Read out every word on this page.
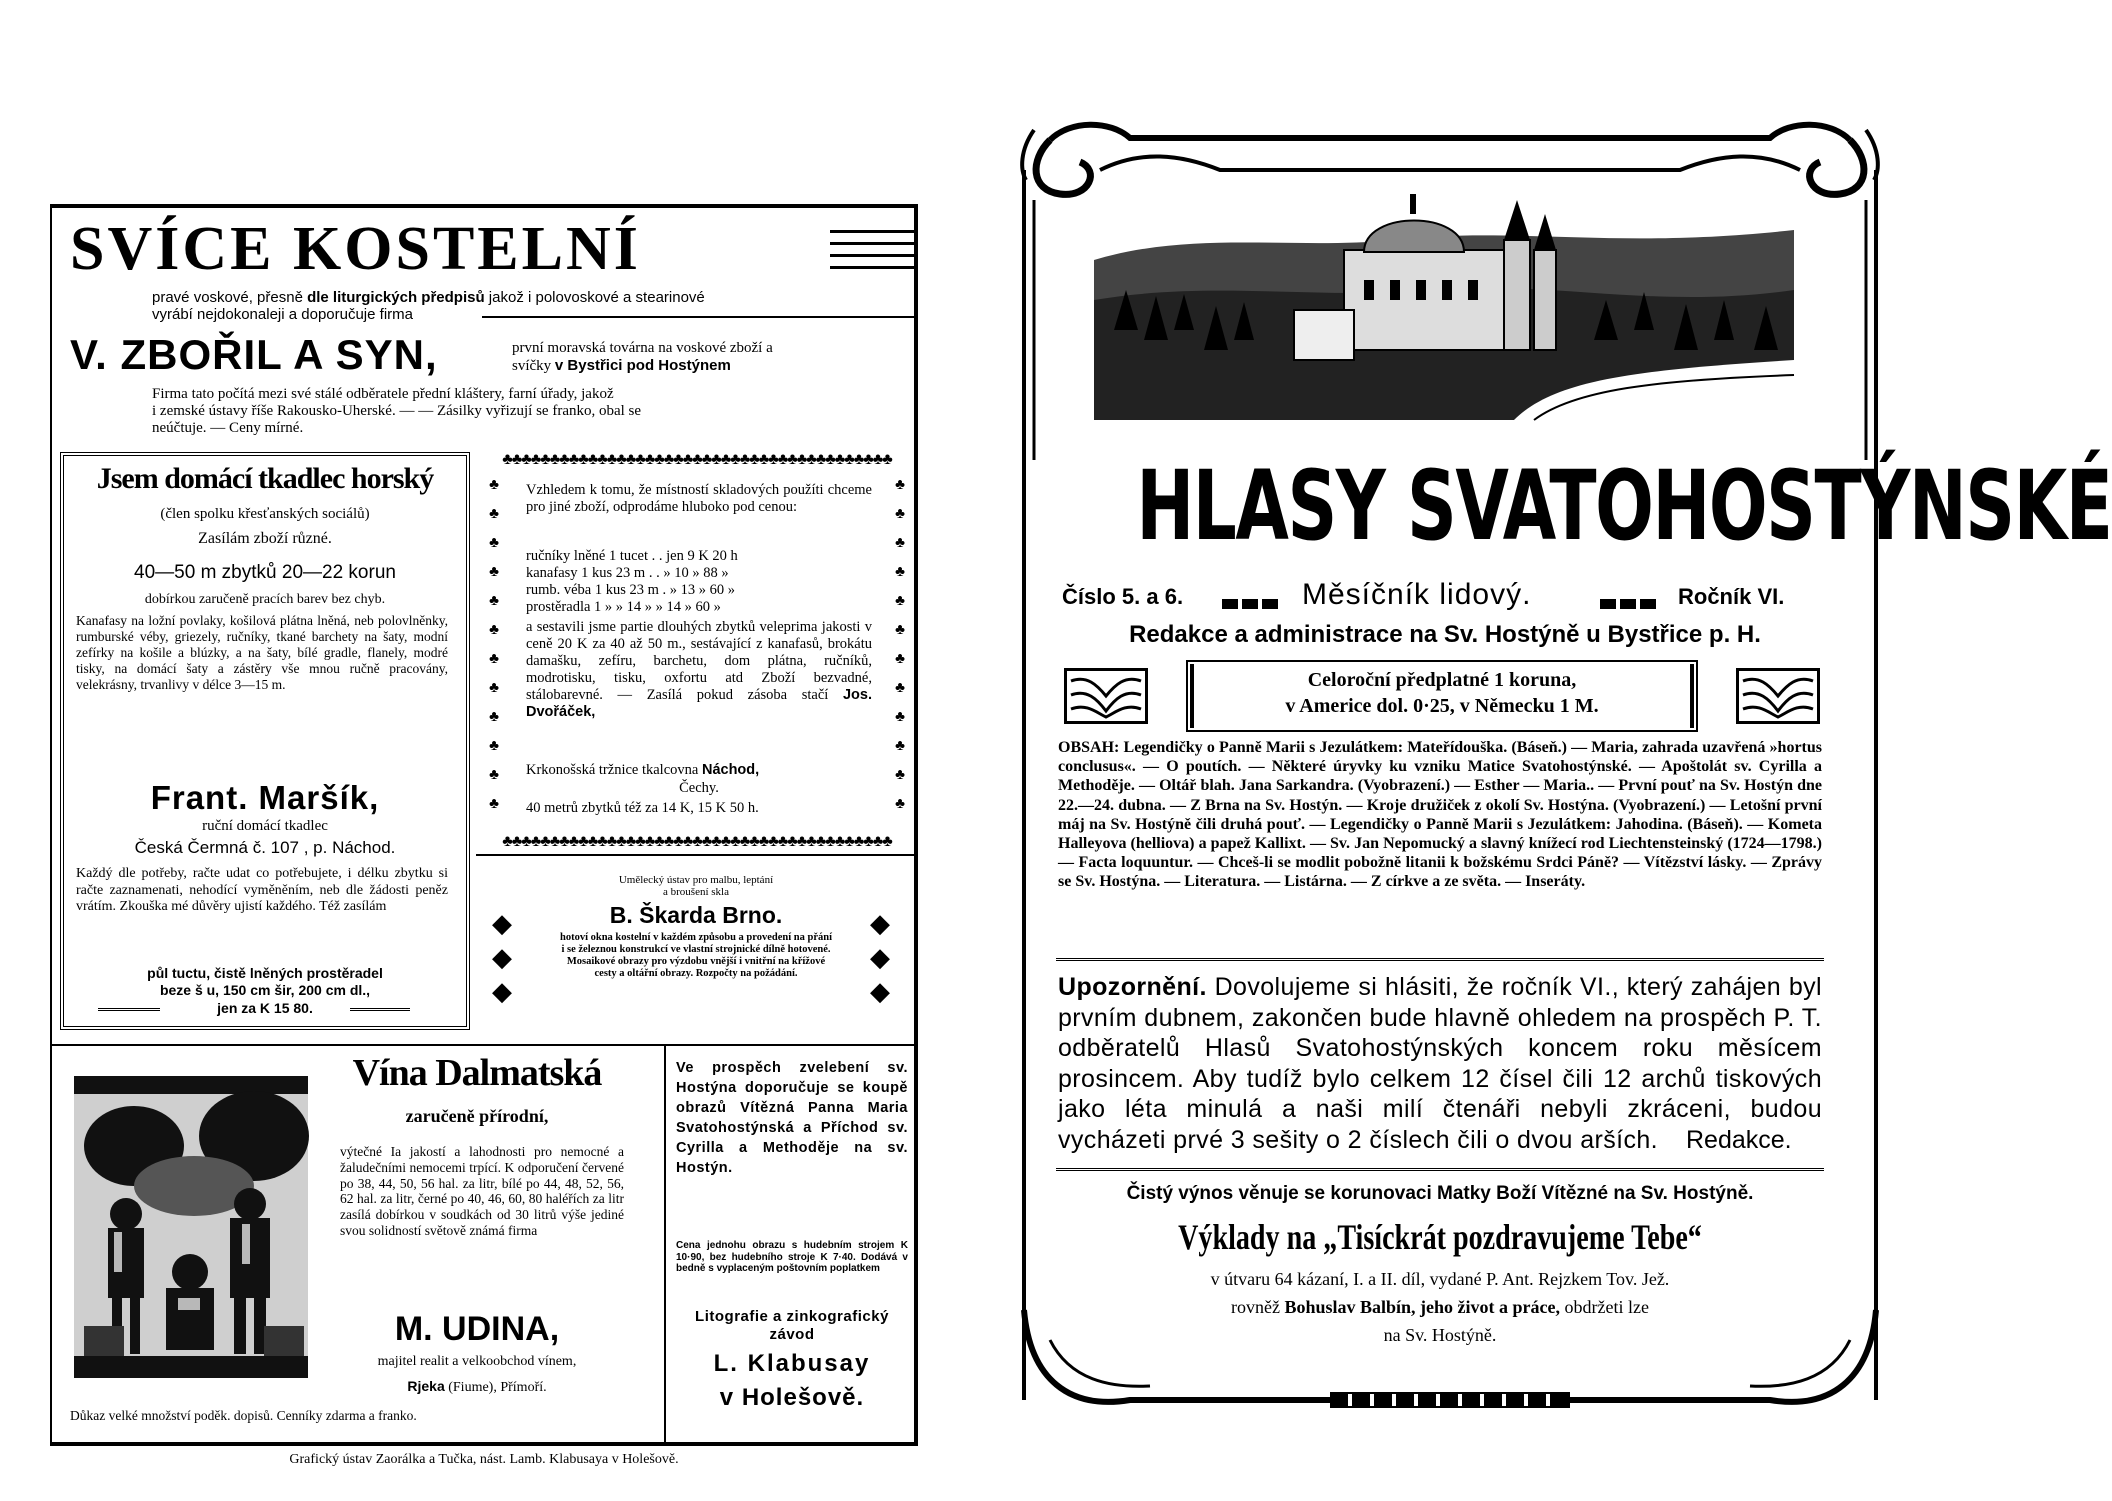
SVÍCE KOSTELNÍ
pravé voskové, přesně dle liturgických předpisů jakož i polovoskové a stearinové
vyrábí nejdokonaleji a doporučuje firma
V. ZBOŘIL A SYN,	první moravská továrna na voskové zboží a
svíčky v Bystřici pod Hostýnem
Firma tato počítá mezi své stálé odběratele přední kláštery, farní úřady, jakož
i zemské ústavy říše Rakousko-Uherské. — — Zásilky vyřizují se franko, obal se
neúčtuje. — Ceny mírné.
Jsem domácí tkadlec horský
(člen spolku křesťanských sociálů)
Zasílám zboží různé.
40—50 m zbytků 20—22 korun
dobírkou zaručeně pracích barev bez chyb.
Kanafasy na ložní povlaky, košilová plátna lněná, neb polovlněnky, rumburské véby, griezely, ručníky, tkané barchety na šaty, modní zefírky na košile a blúzky, a na šaty, bílé gradle, flanely, modré tisky, na domácí šaty a zástěry vše mnou ručně pracovány, velekrásny, trvanlivy v délce 3—15 m.
Frant. Maršík,
ruční domácí tkadlec
Česká Čermná č. 107 , p. Náchod.
Každý dle potřeby, račte udat co potřebujete, i délku zbytku si račte zaznamenati, nehodící vyměněním, neb dle žádosti peněz vrátím. Zkouška mé důvěry ujistí každého. Též zasílám
půl tuctu, čistě lněných prostěradel
beze š u, 150 cm šir, 200 cm dl.,
jen za K 15 80.
♣♣♣♣♣♣♣♣♣♣♣♣♣♣♣♣♣♣♣♣♣♣♣♣♣♣♣♣♣♣♣♣♣♣♣♣♣♣♣♣♣
♣♣♣♣♣♣♣♣♣♣♣♣♣♣♣♣♣♣♣♣♣♣♣♣♣♣♣♣♣♣♣♣♣♣♣♣♣♣♣♣♣
♣
♣
♣
♣
♣
♣
♣
♣
♣
♣
♣
♣
♣
♣
♣
♣
♣
♣
♣
♣
♣
♣
♣
♣
Vzhledem k tomu, že místností skladových použíti chceme pro jiné zboží, odprodáme hluboko pod cenou:
ručníky lněné 1 tucet . . jen 9 K 20 h
kanafasy 1 kus 23 m . . » 10 » 88 »
rumb. véba 1 kus 23 m . » 13 » 60 »
prostěradla 1 » » 14 » » 14 » 60 »
a sestavili jsme partie dlouhých zbytků veleprima jakosti v ceně 20 K za 40 až 50 m., sestávající z kanafasů, brokátu damašku, zefíru, barchetu, dom plátna, ručníků, modrotisku, tisku, oxfortu atd Zboží bezvadné, stálobarevné. — Zasílá pokud zásoba stačí Jos. Dvořáček,
Krkonošská tržnice tkalcovna Náchod,
Čechy.
40 metrů zbytků též za 14 K, 15 K 50 h.
Umělecký ústav pro malbu, leptání
a broušení skla
B. Škarda Brno.
hotoví okna kostelní v každém způsobu a provedení na přání i se železnou konstrukcí ve vlastní strojnické dílně hotovené. Mosaikové obrazy pro výzdobu vnější i vnitřní na křížové cesty a oltářní obrazy. Rozpočty na požádání.
◆
◆
◆
◆
◆
◆
Vína Dalmatská
zaručeně přírodní,
výtečné Ia jakostí a lahodnosti pro nemocné a žaludečními nemocemi trpící. K odporučení červené po 38, 44, 50, 56 hal. za litr, bílé po 44, 48, 52, 56, 62 hal. za litr, černé po 40, 46, 60, 80 haléřích za litr zasílá dobírkou v soudkách od 30 litrů výše jediné svou solidností světově známá firma
M. UDINA,
majitel realit a velkoobchod vínem,
Rjeka (Fiume), Přímoří.
Důkaz velké množství poděk. dopisů. Cenníky zdarma a franko.
Ve prospěch zvelebení sv. Hostýna doporučuje se koupě obrazů Vítězná Panna Maria Svatohostýnská a Příchod sv. Cyrilla a Methoděje na sv. Hostýn.
Cena jednohu obrazu s hudebním strojem K 10·90, bez hudebního stroje K 7·40. Dodává v bedně s vyplaceným poštovním poplatkem
Litografie a zinkografický závod
L. Klabusay
v Holešově.
Grafický ústav Zaorálka a Tučka, nást. Lamb. Klabusaya v Holešově.
HLASY SVATOHOSTÝNSKÉ
Číslo 5. a 6.	Měsíčník lidový.	Ročník VI.
Redakce a administrace na Sv. Hostýně u Bystřice p. H.
Celoroční předplatné 1 koruna,
v Americe dol. 0·25, v Německu 1 M.
OBSAH: Legendičky o Panně Marii s Jezulátkem: Mateřídouška. (Báseň.) — Maria, zahrada uzavřená »hortus conclusus«. — O poutích. — Některé úryvky ku vzniku Matice Svatohostýnské. — Apoštolát sv. Cyrilla a Methoděje. — Oltář blah. Jana Sarkandra. (Vyobrazení.) — Esther — Maria.. — První pouť na Sv. Hostýn dne 22.—24. dubna. — Z Brna na Sv. Hostýn. — Kroje družiček z okolí Sv. Hostýna. (Vyobrazení.) — Letošní první máj na Sv. Hostýně čili druhá pouť. — Legendičky o Panně Marii s Jezulátkem: Jahodina. (Báseň). — Kometa Halleyova (helliova) a papež Kallixt. — Sv. Jan Nepomucký a slavný knížecí rod Liechtensteinský (1724—1798.) — Facta loquuntur. — Chceš-li se modlit pobožně litanii k božskému Srdci Páně? — Vítězství lásky. — Zprávy se Sv. Hostýna. — Literatura. — Listárna. — Z církve a ze světa. — Inseráty.
Upozornění. Dovolujeme si hlásiti, že ročník VI., který zahájen byl prvním dubnem, zakončen bude hlavně ohledem na prospěch P. T. odběratelů Hlasů Svatohostýnských koncem roku měsícem prosincem. Aby tudíž bylo celkem 12 čísel čili 12 archů tiskových jako léta minulá a naši milí čtenáři nebyli zkráceni, budou vycházeti prvé 3 sešity o 2 číslech čili o dvou arších.	Redakce.
Čistý výnos věnuje se korunovaci Matky Boží Vítězné na Sv. Hostýně.
Výklady na „Tisíckrát pozdravujeme Tebe“
v útvaru 64 kázaní, I. a II. díl, vydané P. Ant. Rejzkem Tov. Jež.
rovněž Bohuslav Balbín, jeho život a práce, obdržeti lze
na Sv. Hostýně.
